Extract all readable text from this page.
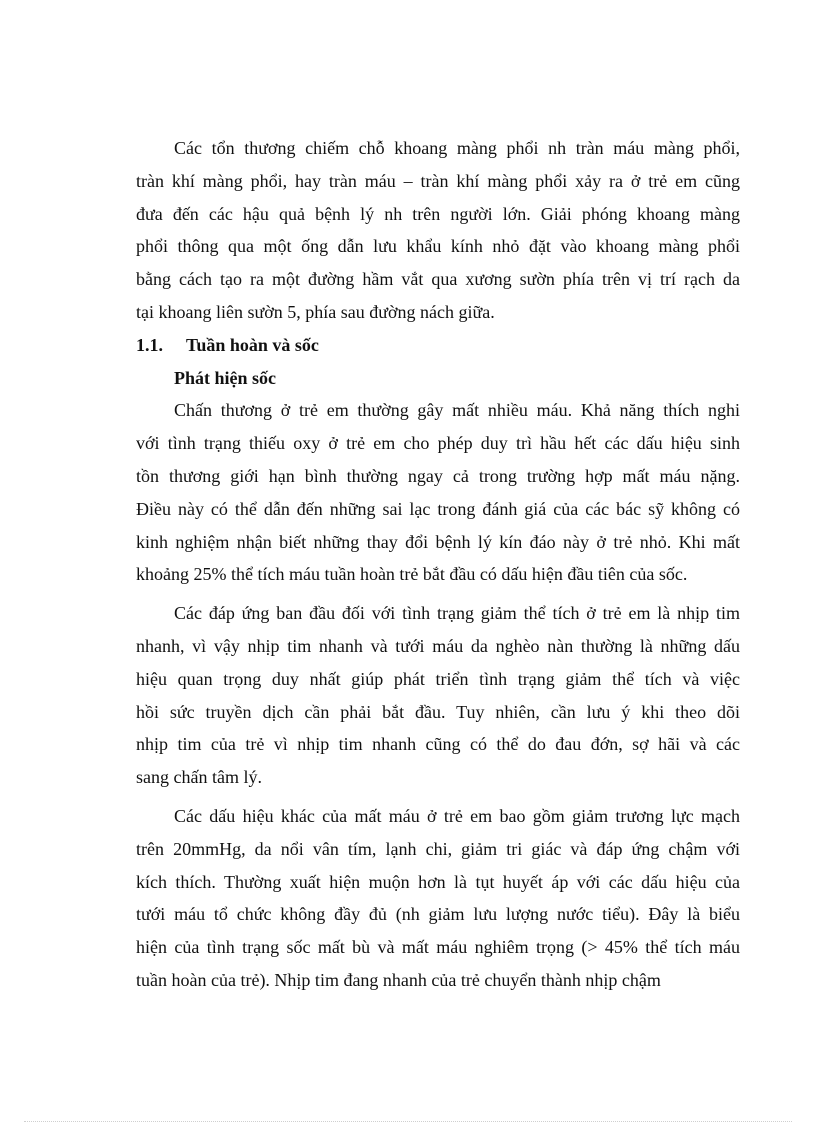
Các tổn thương chiếm chỗ khoang màng phổi nh tràn máu màng phổi,
tràn khí màng phổi, hay tràn máu – tràn khí màng phổi xảy ra ở trẻ em cũng
đưa đến các hậu quả bệnh lý nh trên người lớn. Giải phóng khoang màng
phổi thông qua một ống dẫn lưu khẩu kính nhỏ đặt vào khoang màng phổi
bằng cách tạo ra một đường hầm vắt qua xương sườn phía trên vị trí rạch da
tại khoang liên sườn 5, phía sau đường nách giữa.
1.1. Tuần hoàn và sốc
Phát hiện sốc
Chấn thương ở trẻ em thường gây mất nhiều máu. Khả năng thích nghi
với tình trạng thiếu oxy ở trẻ em cho phép duy trì hầu hết các dấu hiệu sinh
tồn thương giới hạn bình thường ngay cả trong trường hợp mất máu nặng.
Điều này có thể dẫn đến những sai lạc trong đánh giá của các bác sỹ không có
kinh nghiệm nhận biết những thay đổi bệnh lý kín đáo này ở trẻ nhỏ. Khi mất
khoảng 25% thể tích máu tuần hoàn trẻ bắt đầu có dấu hiện đầu tiên của sốc.
Các đáp ứng ban đầu đối với tình trạng giảm thể tích ở trẻ em là nhịp tim
nhanh, vì vậy nhịp tim nhanh và tưới máu da nghèo nàn thường là những dấu
hiệu quan trọng duy nhất giúp phát triển tình trạng giảm thể tích và việc
hồi sức truyền dịch cần phải bắt đầu. Tuy nhiên, cần lưu ý khi theo dõi
nhịp tim của trẻ vì nhịp tim nhanh cũng có thể do đau đớn, sợ hãi và các
sang chấn tâm lý.
Các dấu hiệu khác của mất máu ở trẻ em bao gồm giảm trương lực mạch
trên 20mmHg, da nổi vân tím, lạnh chi, giảm tri giác và đáp ứng chậm với
kích thích. Thường xuất hiện muộn hơn là tụt huyết áp với các dấu hiệu của
tưới máu tổ chức không đầy đủ (nh giảm lưu lượng nước tiểu). Đây là biểu
hiện của tình trạng sốc mất bù và mất máu nghiêm trọng (> 45% thể tích máu
tuần hoàn của trẻ). Nhịp tim đang nhanh của trẻ chuyển thành nhịp chậm
